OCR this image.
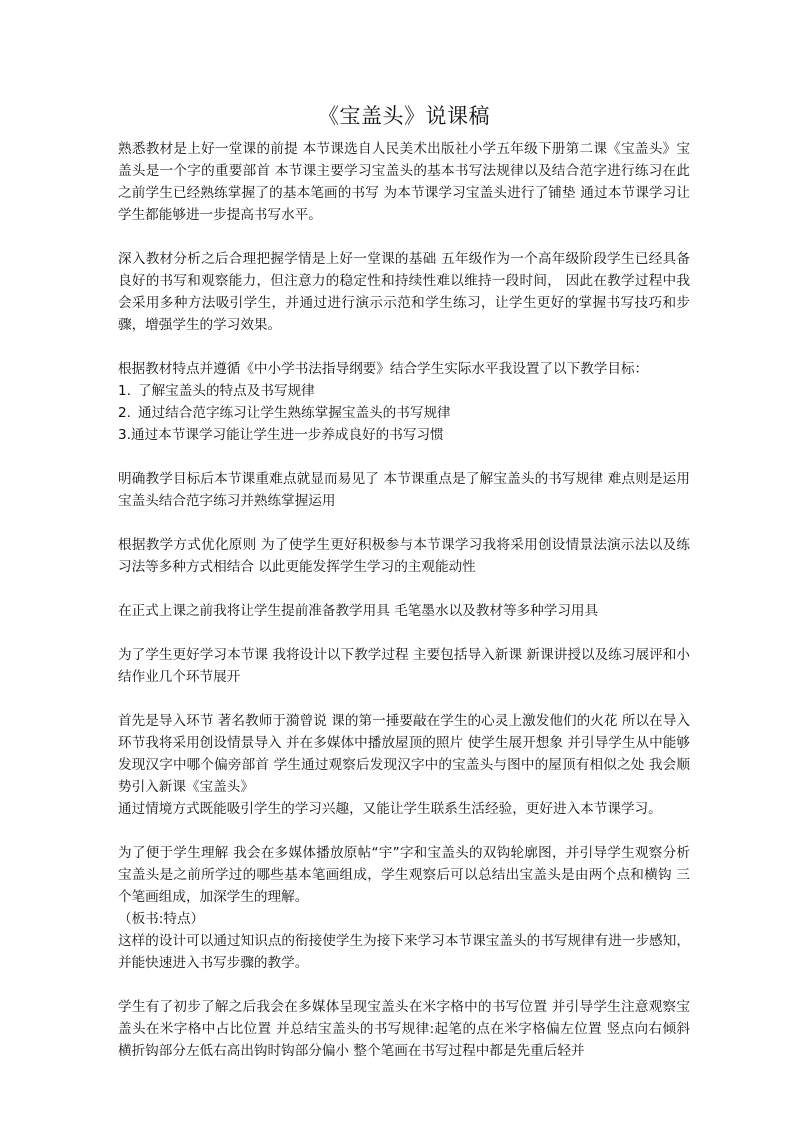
《宝盖头》说课稿

熟悉教材是上好一堂课的前提 本节课选自人民美术出版社小学五年级下册第二课《宝盖头》宝盖头是一个字的重要部首 本节课主要学习宝盖头的基本书写法规律以及结合范字进行练习在此之前学生已经熟练掌握了的基本笔画的书写 为本节课学习宝盖头进行了铺垫 通过本节课学习让学生都能够进一步提高书写水平。

深入教材分析之后合理把握学情是上好一堂课的基础 五年级作为一个高年级阶段学生已经具备良好的书写和观察能力，但注意力的稳定性和持续性难以维持一段时间， 因此在教学过程中我会采用多种方法吸引学生，并通过进行演示示范和学生练习，让学生更好的掌握书写技巧和步骤，增强学生的学习效果。

根据教材特点并遵循《中小学书法指导纲要》结合学生实际水平我设置了以下教学目标：

1. 了解宝盖头的特点及书写规律
2. 通过结合范字练习让学生熟练掌握宝盖头的书写规律
3.通过本节课学习能让学生进一步养成良好的书写习惯

明确教学目标后本节课重难点就显而易见了 本节课重点是了解宝盖头的书写规律 难点则是运用宝盖头结合范字练习并熟练掌握运用

根据教学方式优化原则 为了使学生更好积极参与本节课学习我将采用创设情景法演示法以及练习法等多种方式相结合 以此更能发挥学生学习的主观能动性

在正式上课之前我将让学生提前准备教学用具 毛笔墨水以及教材等多种学习用具

为了学生更好学习本节课 我将设计以下教学过程 主要包括导入新课 新课讲授以及练习展评和小结作业几个环节展开

首先是导入环节 著名教师于漪曾说 课的第一捶要敲在学生的心灵上激发他们的火花 所以在导入环节我将采用创设情景导入 并在多媒体中播放屋顶的照片 使学生展开想象 并引导学生从中能够发现汉字中哪个偏旁部首 学生通过观察后发现汉字中的宝盖头与图中的屋顶有相似之处 我会顺势引入新课《宝盖头》

通过情境方式既能吸引学生的学习兴趣，又能让学生联系生活经验，更好进入本节课学习。

为了便于学生理解 我会在多媒体播放原帖“宇”字和宝盖头的双钩轮廓图，并引导学生观察分析宝盖头是之前所学过的哪些基本笔画组成，学生观察后可以总结出宝盖头是由两个点和横钩 三个笔画组成，加深学生的理解。

（板书:特点）

这样的设计可以通过知识点的衔接使学生为接下来学习本节课宝盖头的书写规律有进一步感知，并能快速进入书写步骤的教学。

学生有了初步了解之后我会在多媒体呈现宝盖头在米字格中的书写位置 并引导学生注意观察宝盖头在米字格中占比位置 并总结宝盖头的书写规律:起笔的点在米字格偏左位置 竖点向右倾斜 横折钩部分左低右高出钩时钩部分偏小 整个笔画在书写过程中都是先重后轻并
